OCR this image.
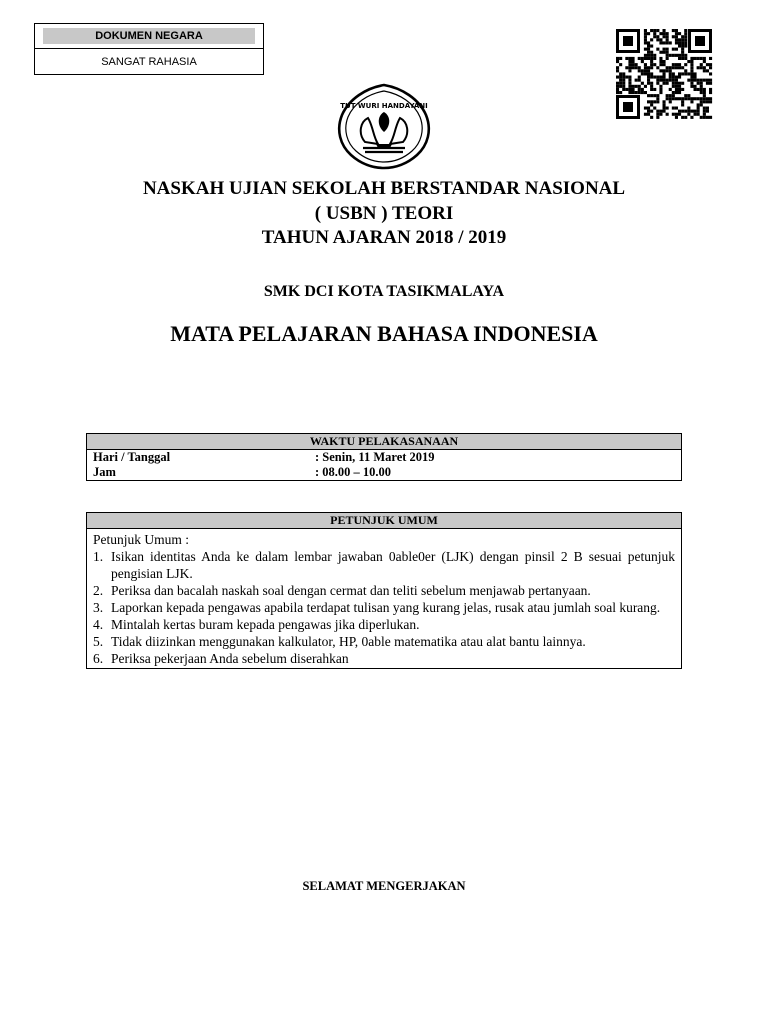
DOKUMEN NEGARA
SANGAT RAHASIA
TUT WURI HANDAYANI
NASKAH UJIAN SEKOLAH BERSTANDAR NASIONAL
( USBN ) TEORI
TAHUN AJARAN 2018 / 2019
SMK DCI KOTA TASIKMALAYA
MATA PELAJARAN BAHASA INDONESIA
WAKTU PELAKASANAAN
Hari / Tanggal	: Senin, 11 Maret 2019
Jam	: 08.00 – 10.00
PETUNJUK UMUM
Petunjuk Umum :
1. Isikan identitas Anda ke dalam lembar jawaban 0able0er (LJK) dengan pinsil 2 B sesuai petunjuk pengisian LJK.
2. Periksa dan bacalah naskah soal dengan cermat dan teliti sebelum menjawab pertanyaan.
3. Laporkan kepada pengawas apabila terdapat tulisan yang kurang jelas, rusak atau jumlah soal kurang.
4. Mintalah kertas buram kepada pengawas jika diperlukan.
5. Tidak diizinkan menggunakan kalkulator, HP, 0able matematika atau alat bantu lainnya.
6. Periksa pekerjaan Anda sebelum diserahkan
SELAMAT MENGERJAKAN
